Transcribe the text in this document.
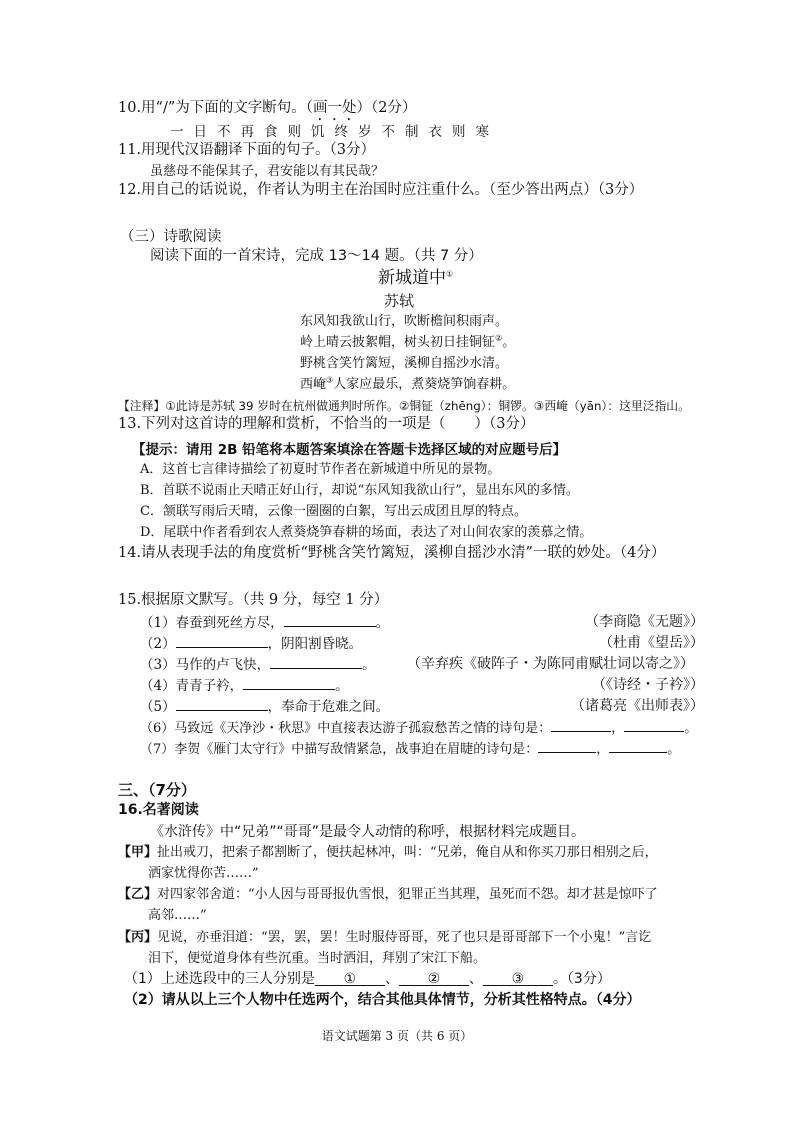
10.用“/”为下面的文字断句。（画一处）（2分）
一日不再食则饥终岁不制衣则寒
11.用现代汉语翻译下面的句子。（3分）
虽慈母不能保其子，君安能以有其民哉？
12.用自己的话说说，作者认为明主在治国时应注重什么。（至少答出两点）（3分）
（三）诗歌阅读
阅读下面的一首宋诗，完成 13～14 题。（共 7 分）
新城道中①
苏轼
东风知我欲山行，吹断檐间积雨声。
岭上晴云披絮帽，树头初日挂铜钲②。
野桃含笑竹篱短，溪柳自摇沙水清。
西崦③人家应最乐，煮葵烧笋饷春耕。
【注释】①此诗是苏轼 39 岁时在杭州做通判时所作。②铜钲（zhēng）：铜锣。③西崦（yān）：这里泛指山。
13.下列对这首诗的理解和赏析，不恰当的一项是（　　）（3分）
【提示：请用 2B 铅笔将本题答案填涂在答题卡选择区域的对应题号后】
A．这首七言律诗描绘了初夏时节作者在新城道中所见的景物。
B．首联不说雨止天晴正好山行，却说“东风知我欲山行”，显出东风的多情。
C．颔联写雨后天晴，云像一圈圈的白絮，写出云成团且厚的特点。
D．尾联中作者看到农人煮葵烧笋春耕的场面，表达了对山间农家的羡慕之情。
14.请从表现手法的角度赏析“野桃含笑竹篱短，溪柳自摇沙水清”一联的妙处。（4分）
15.根据原文默写。（共 9 分，每空 1 分）
（1）春蚕到死丝方尽，	。	（李商隐《无题》）
（2）	，阴阳割昏晓。	（杜甫《望岳》）
（3）马作的卢飞快，	。 （辛弃疾《破阵子・为陈同甫赋壮词以寄之》）
（4）青青子衿，	。	（《诗经・子衿》）
（5）	，奉命于危难之间。	（诸葛亮《出师表》）
（6）马致远《天净沙・秋思》中直接表达游子孤寂愁苦之情的诗句是：	，	。
（7）李贺《雁门太守行》中描写敌情紧急，战事迫在眉睫的诗句是：	，	。
三、（7分）
16.名著阅读
《水浒传》中“兄弟”“哥哥”是最令人动情的称呼，根据材料完成题目。
【甲】扯出戒刀，把索子都割断了，便扶起林冲，叫：“兄弟，俺自从和你买刀那日相别之后，
洒家忧得你苦……”
【乙】对四家邻舍道：“小人因与哥哥报仇雪恨，犯罪正当其理，虽死而不怨。却才甚是惊吓了
高邻……”
【丙】见说，亦垂泪道：“罢，罢，罢！生时服侍哥哥，死了也只是哥哥部下一个小鬼！”言讫
泪下，便觉道身体有些沉重。当时洒泪，拜别了宋江下船。
（1）上述选段中的三人分别是 ① 、 ② 、 ③ 。（3分）
（2）请从以上三个人物中任选两个，结合其他具体情节，分析其性格特点。（4分）
语文试题第 3 页（共 6 页）
